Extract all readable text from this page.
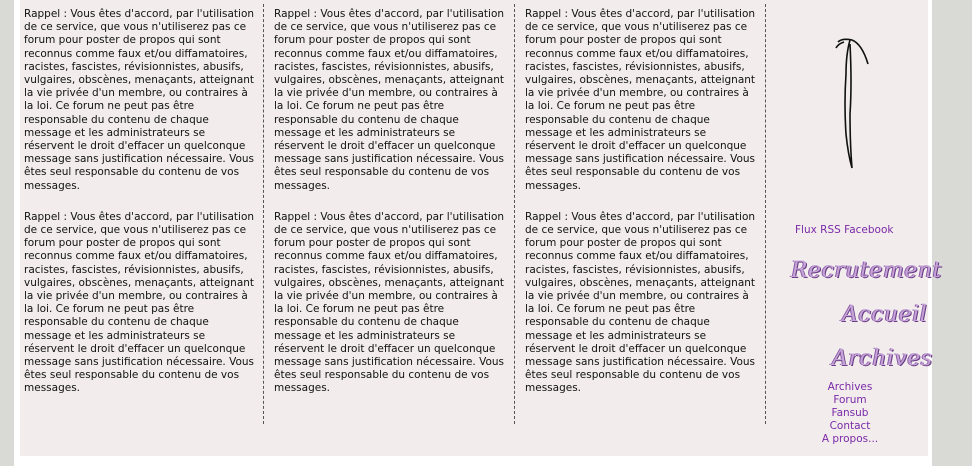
Rappel : Vous êtes d'accord, par l'utilisation de ce service, que vous n'utiliserez pas ce forum pour poster de propos qui sont reconnus comme faux et/ou diffamatoires, racistes, fascistes, révisionnistes, abusifs, vulgaires, obscènes, menaçants, atteignant la vie privée d'un membre, ou contraires à la loi. Ce forum ne peut pas être responsable du contenu de chaque message et les administrateurs se réservent le droit d'effacer un quelconque message sans justification nécessaire. Vous êtes seul responsable du contenu de vos messages.

Rappel : Vous êtes d'accord, par l'utilisation de ce service, que vous n'utiliserez pas ce forum pour poster de propos qui sont reconnus comme faux et/ou diffamatoires, racistes, fascistes, révisionnistes, abusifs, vulgaires, obscènes, menaçants, atteignant la vie privée d'un membre, ou contraires à la loi. Ce forum ne peut pas être responsable du contenu de chaque message et les administrateurs se réservent le droit d'effacer un quelconque message sans justification nécessaire. Vous êtes seul responsable du contenu de vos messages.

Rappel : Vous êtes d'accord, par l'utilisation de ce service, que vous n'utiliserez pas ce forum pour poster de propos qui sont reconnus comme faux et/ou diffamatoires, racistes, fascistes, révisionnistes, abusifs, vulgaires, obscènes, menaçants, atteignant la vie privée d'un membre, ou contraires à la loi. Ce forum ne peut pas être responsable du contenu de chaque message et les administrateurs se réservent le droit d'effacer un quelconque message sans justification nécessaire. Vous êtes seul responsable du contenu de vos messages.

Rappel : Vous êtes d'accord, par l'utilisation de ce service, que vous n'utiliserez pas ce forum pour poster de propos qui sont reconnus comme faux et/ou diffamatoires, racistes, fascistes, révisionnistes, abusifs, vulgaires, obscènes, menaçants, atteignant la vie privée d'un membre, ou contraires à la loi. Ce forum ne peut pas être responsable du contenu de chaque message et les administrateurs se réservent le droit d'effacer un quelconque message sans justification nécessaire. Vous êtes seul responsable du contenu de vos messages.

Rappel : Vous êtes d'accord, par l'utilisation de ce service, que vous n'utiliserez pas ce forum pour poster de propos qui sont reconnus comme faux et/ou diffamatoires, racistes, fascistes, révisionnistes, abusifs, vulgaires, obscènes, menaçants, atteignant la vie privée d'un membre, ou contraires à la loi. Ce forum ne peut pas être responsable du contenu de chaque message et les administrateurs se réservent le droit d'effacer un quelconque message sans justification nécessaire. Vous êtes seul responsable du contenu de vos messages.

Rappel : Vous êtes d'accord, par l'utilisation de ce service, que vous n'utiliserez pas ce forum pour poster de propos qui sont reconnus comme faux et/ou diffamatoires, racistes, fascistes, révisionnistes, abusifs, vulgaires, obscènes, menaçants, atteignant la vie privée d'un membre, ou contraires à la loi. Ce forum ne peut pas être responsable du contenu de chaque message et les administrateurs se réservent le droit d'effacer un quelconque message sans justification nécessaire. Vous êtes seul responsable du contenu de vos messages.

Flux RSS Facebook
Recrutement
Accueil
Archives
Archives
Forum
Fansub
Contact
A propos...
